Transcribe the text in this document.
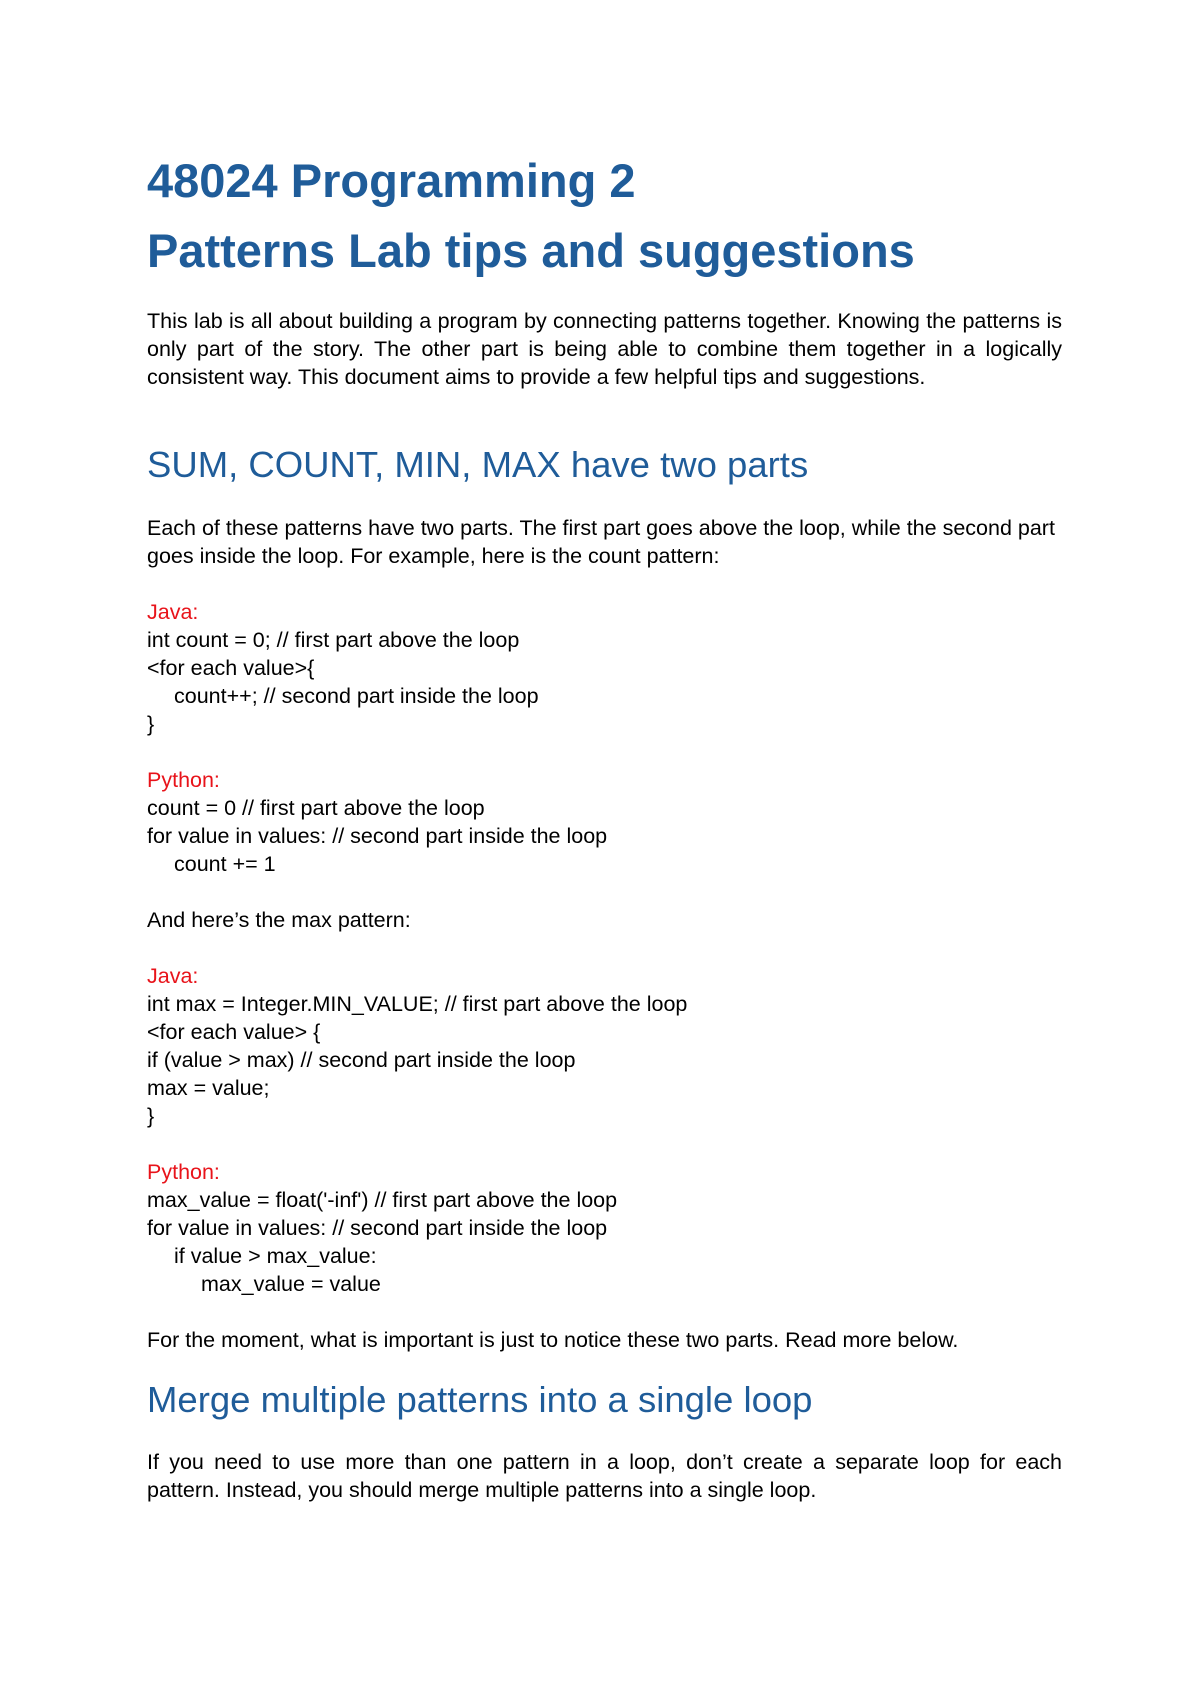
48024 Programming 2
Patterns Lab tips and suggestions

This lab is all about building a program by connecting patterns together. Knowing the patterns is only part of the story. The other part is being able to combine them together in a logically consistent way. This document aims to provide a few helpful tips and suggestions.

SUM, COUNT, MIN, MAX have two parts

Each of these patterns have two parts. The first part goes above the loop, while the second part goes inside the loop. For example, here is the count pattern:

Java:
int count = 0; // first part above the loop
<for each value>{
count++; // second part inside the loop
}
Python:
count = 0 // first part above the loop
for value in values: // second part inside the loop
count += 1

And here’s the max pattern:

Java:
int max = Integer.MIN_VALUE; // first part above the loop
<for each value> {
if (value > max) // second part inside the loop
max = value;
}
Python:
max_value = float('-inf') // first part above the loop
for value in values: // second part inside the loop
if value > max_value:
max_value = value

For the moment, what is important is just to notice these two parts. Read more below.

Merge multiple patterns into a single loop

If you need to use more than one pattern in a loop, don’t create a separate loop for each pattern. Instead, you should merge multiple patterns into a single loop.
